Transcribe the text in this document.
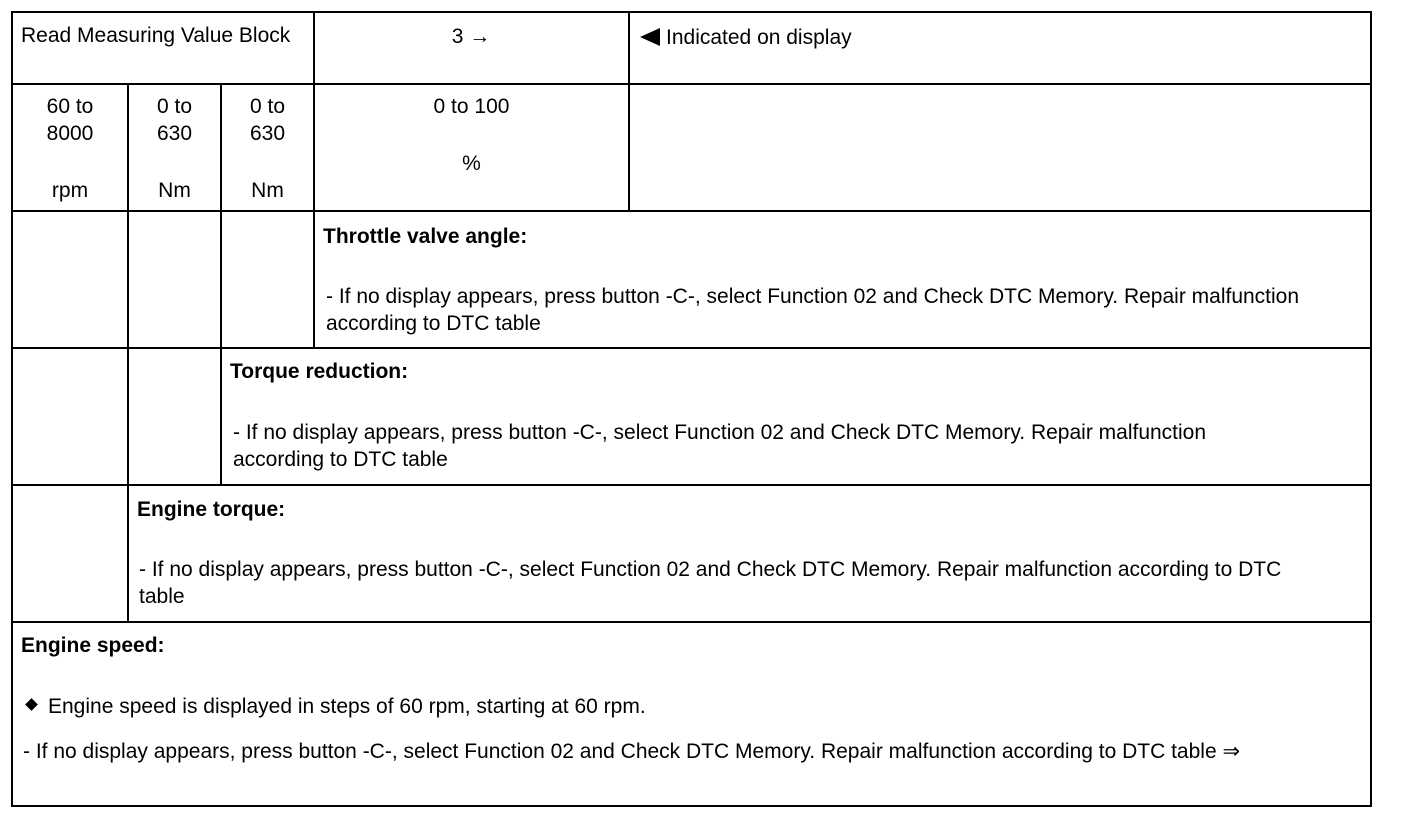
Read Measuring Value Block	3 →	Indicated on display
60 to
8000
rpm
0 to
630
Nm
0 to
630
Nm
0 to 100
%
Throttle valve angle:
- If no display appears, press button -C-, select Function 02 and Check DTC Memory. Repair malfunction according to DTC table
Torque reduction:
- If no display appears, press button -C-, select Function 02 and Check DTC Memory. Repair malfunction according to DTC table
Engine torque:
- If no display appears, press button -C-, select Function 02 and Check DTC Memory. Repair malfunction according to DTC table
Engine speed:
Engine speed is displayed in steps of 60 rpm, starting at 60 rpm.
- If no display appears, press button -C-, select Function 02 and Check DTC Memory. Repair malfunction according to DTC table ⇒
